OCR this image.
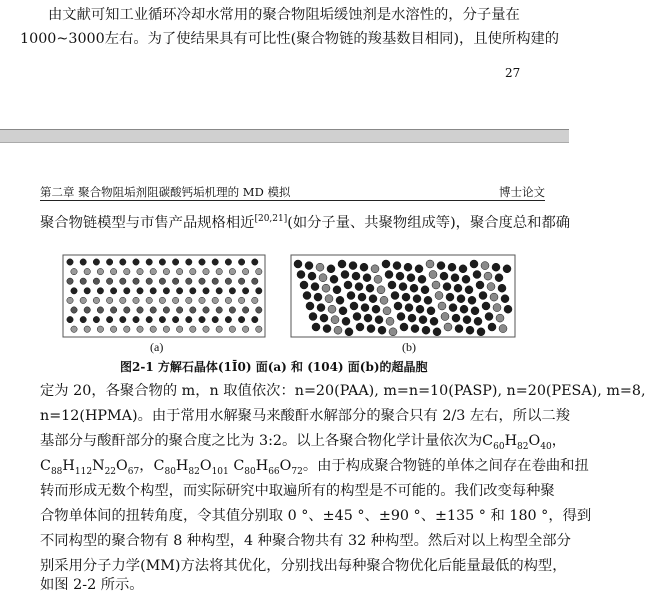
由文献可知工业循环冷却水常用的聚合物阻垢缓蚀剂是水溶性的，分子量在
1000~3000左右。为了使结果具有可比性(聚合物链的羧基数目相同)，且使所构建的
27
第二章 聚合物阻垢剂阻碳酸钙垢机理的 MD 模拟	博士论文
聚合物链模型与市售产品规格相近[20,21](如分子量、共聚物组成等)，聚合度总和都确
(a)	(b)
图2-1 方解石晶体(1Ī0) 面(a) 和 (104) 面(b)的超晶胞
定为 20，各聚合物的 m，n 取值依次：n=20(PAA), m=n=10(PASP), n=20(PESA), m=8,
n=12(HPMA)。由于常用水解聚马来酸酐水解部分的聚合只有 2/3 左右，所以二羧
基部分与酸酐部分的聚合度之比为 3:2。以上各聚合物化学计量依次为$C_{60}H_{82}O_{40}$，
$C_{88}H_{112}N_{22}O_{67}$，$C_{80}H_{82}O_{101}$ $C_{80}H_{66}O_{72}$。由于构成聚合物链的单体之间存在卷曲和扭
转而形成无数个构型，而实际研究中取遍所有的构型是不可能的。我们改变每种聚
合物单体间的扭转角度，令其值分别取 0 °、±45 °、±90 °、±135 ° 和 180 °，得到
不同构型的聚合物有 8 种构型，4 种聚合物共有 32 种构型。然后对以上构型全部分
别采用分子力学(MM)方法将其优化，分别找出每种聚合物优化后能量最低的构型，
如图 2-2 所示。
